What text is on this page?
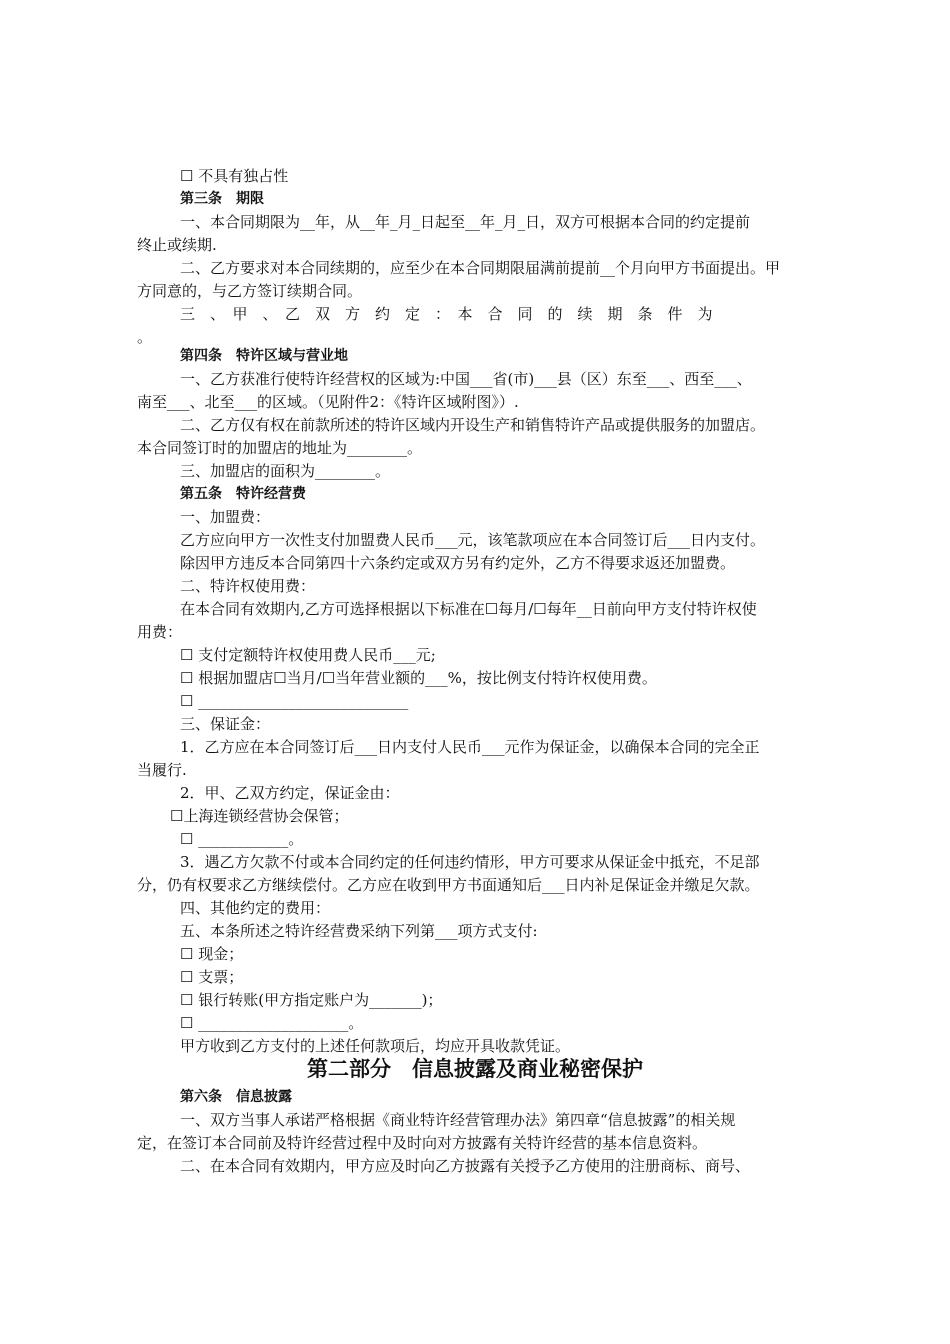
☐ 不具有独占性
第三条　期限
一、本合同期限为__年，从__年_月_日起至__年_月_日，双方可根据本合同的约定提前
终止或续期.
二、乙方要求对本合同续期的，应至少在本合同期限届满前提前__个月向甲方书面提出。甲
方同意的，与乙方签订续期合同。
三　、　甲　、　乙　双　方　约　定　：　本　合　同　的　续　期　条　件　为
。
第四条　特许区域与营业地
一、乙方获准行使特许经营权的区域为:中国___省(市)___县（区）东至___、西至___、
南至___、北至___的区域。（见附件2：《特许区域附图》）.
二、乙方仅有权在前款所述的特许区域内开设生产和销售特许产品或提供服务的加盟店。
本合同签订时的加盟店的地址为________。
三、加盟店的面积为________。
第五条　特许经营费
一、加盟费：
乙方应向甲方一次性支付加盟费人民币___元，该笔款项应在本合同签订后___日内支付。
除因甲方违反本合同第四十六条约定或双方另有约定外，乙方不得要求返还加盟费。
二、特许权使用费：
在本合同有效期内,乙方可选择根据以下标准在☐每月/☐每年__日前向甲方支付特许权使
用费：
☐ 支付定额特许权使用费人民币___元;
☐ 根据加盟店☐当月/☐当年营业额的___%，按比例支付特许权使用费。
☐ ____________________________
三、保证金：
1．乙方应在本合同签订后___日内支付人民币___元作为保证金，以确保本合同的完全正
当履行.
2．甲、乙双方约定，保证金由：
☐上海连锁经营协会保管；
☐ ____________。
3．遇乙方欠款不付或本合同约定的任何违约情形，甲方可要求从保证金中抵充，不足部
分，仍有权要求乙方继续偿付。乙方应在收到甲方书面通知后___日内补足保证金并缴足欠款。
四、其他约定的费用：
五、本条所述之特许经营费采纳下列第___项方式支付:
☐ 现金；
☐ 支票；
☐ 银行转账(甲方指定账户为_______)；
☐ ____________________。
甲方收到乙方支付的上述任何款项后，均应开具收款凭证。
第二部分　信息披露及商业秘密保护
第六条　信息披露
一、双方当事人承诺严格根据《商业特许经营管理办法》第四章“信息披露”的相关规
定，在签订本合同前及特许经营过程中及时向对方披露有关特许经营的基本信息资料。
二、在本合同有效期内，甲方应及时向乙方披露有关授予乙方使用的注册商标、商号、
